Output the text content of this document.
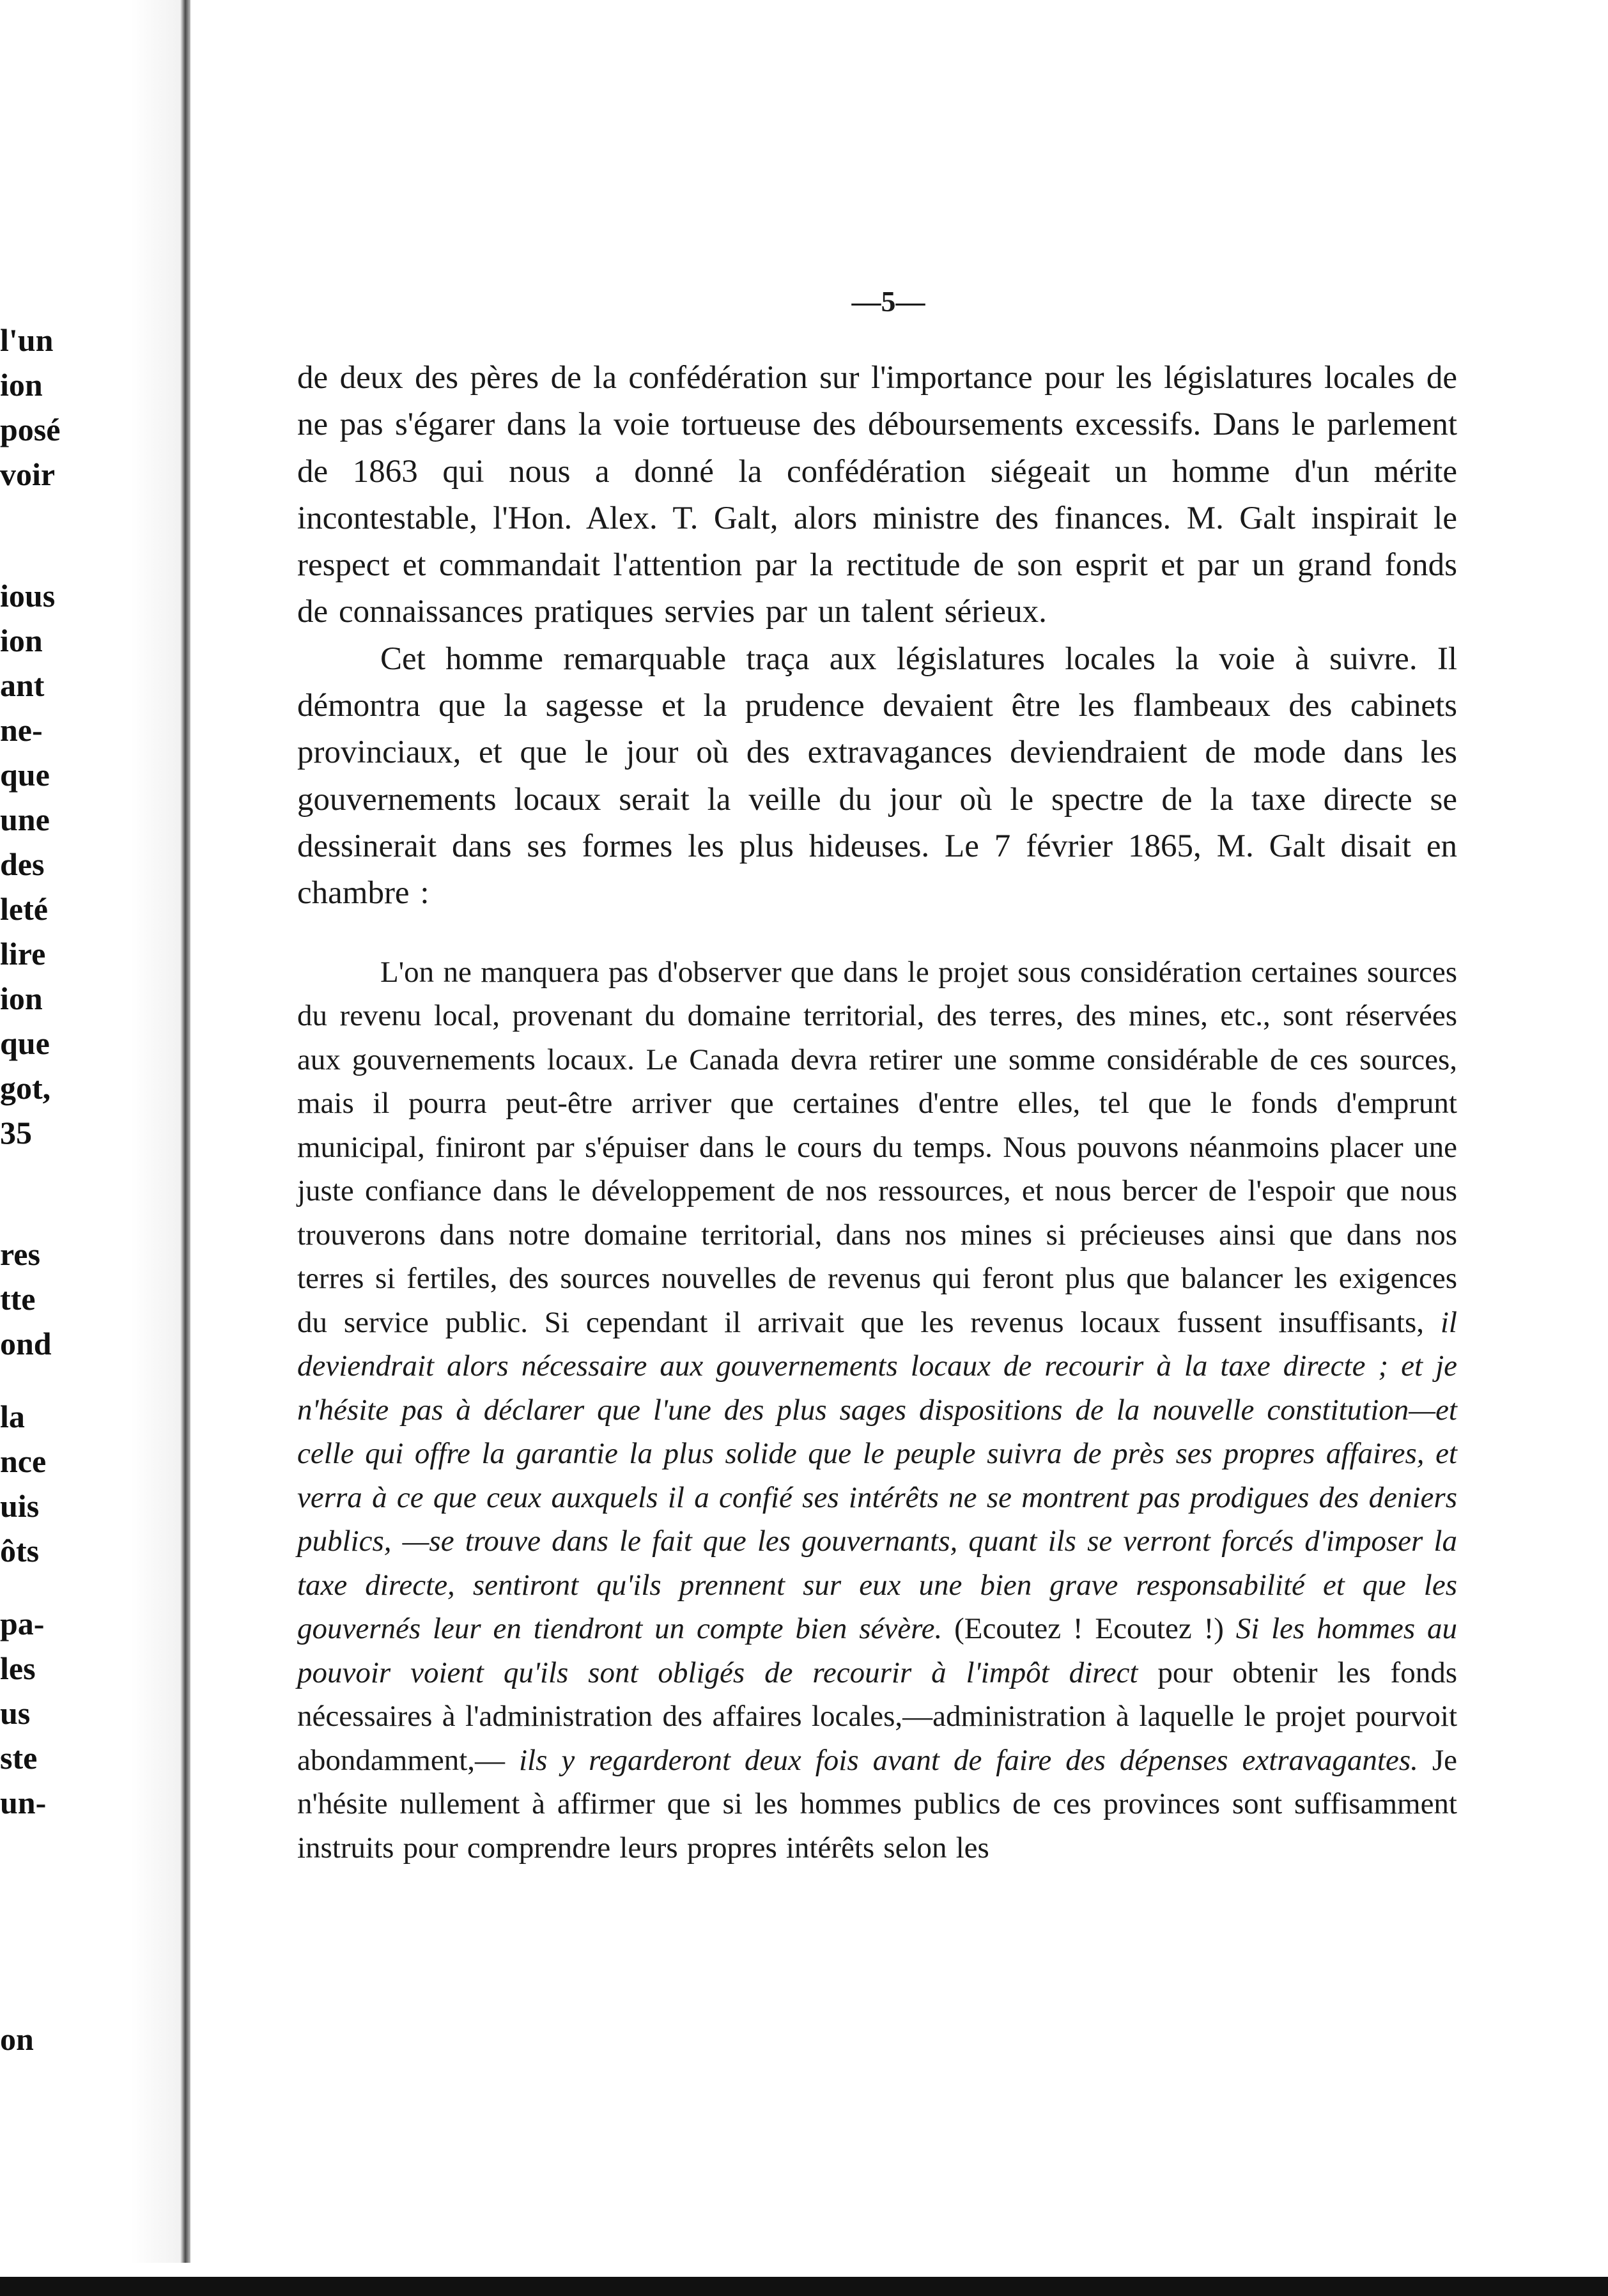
l'un
ion
posé
voir
ious
ion
ant
ne-
que
une
des
leté
lire
ion
que
got,
35
res
tte
ond
la
nce
uis
ôts
pa-
les
us
ste
un-
on
—5—

de deux des pères de la confédération sur l'importance pour les législatures locales de ne pas s'égarer dans la voie tortueuse des déboursements excessifs. Dans le parlement de 1863 qui nous a donné la confédération siégeait un homme d'un mérite incontestable, l'Hon. Alex. T. Galt, alors ministre des finances. M. Galt inspirait le respect et commandait l'attention par la rectitude de son esprit et par un grand fonds de connaissances pratiques servies par un talent sérieux.

Cet homme remarquable traça aux législatures locales la voie à suivre. Il démontra que la sagesse et la prudence devaient être les flambeaux des cabinets provinciaux, et que le jour où des extravagances deviendraient de mode dans les gouvernements locaux serait la veille du jour où le spectre de la taxe directe se dessinerait dans ses formes les plus hideuses. Le 7 février 1865, M. Galt disait en chambre :

L'on ne manquera pas d'observer que dans le projet sous considération certaines sources du revenu local, provenant du domaine territorial, des terres, des mines, etc., sont réservées aux gouvernements locaux. Le Canada devra retirer une somme considérable de ces sources, mais il pourra peut-être arriver que certaines d'entre elles, tel que le fonds d'emprunt municipal, finiront par s'épuiser dans le cours du temps. Nous pouvons néanmoins placer une juste confiance dans le développement de nos ressources, et nous bercer de l'espoir que nous trouverons dans notre domaine territorial, dans nos mines si précieuses ainsi que dans nos terres si fertiles, des sources nouvelles de revenus qui feront plus que balancer les exigences du service public. Si cependant il arrivait que les revenus locaux fussent insuffisants, il deviendrait alors nécessaire aux gouvernements locaux de recourir à la taxe directe ; et je n'hésite pas à déclarer que l'une des plus sages dispositions de la nouvelle constitution—et celle qui offre la garantie la plus solide que le peuple suivra de près ses propres affaires, et verra à ce que ceux auxquels il a confié ses intérêts ne se montrent pas prodigues des deniers publics, —se trouve dans le fait que les gouvernants, quant ils se verront forcés d'imposer la taxe directe, sentiront qu'ils prennent sur eux une bien grave responsabilité et que les gouvernés leur en tiendront un compte bien sévère. (Ecoutez ! Ecoutez !) Si les hommes au pouvoir voient qu'ils sont obligés de recourir à l'impôt direct pour obtenir les fonds nécessaires à l'administration des affaires locales,—administration à laquelle le projet pourvoit abondamment,— ils y regarderont deux fois avant de faire des dépenses extravagantes. Je n'hésite nullement à affirmer que si les hommes publics de ces provinces sont suffisamment instruits pour comprendre leurs propres intérêts selon les
